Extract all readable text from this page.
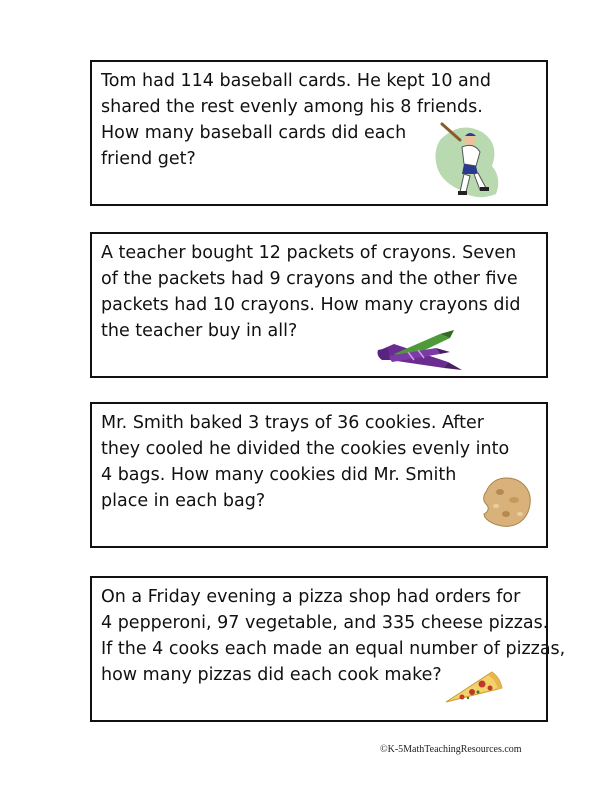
Tom had 114 baseball cards. He kept 10 and
shared the rest evenly among his 8 friends.
How many baseball cards did each
friend get?
A teacher bought 12 packets of crayons. Seven
of the packets had 9 crayons and the other five
packets had 10 crayons. How many crayons did
the teacher buy in all?
Mr. Smith baked 3 trays of 36 cookies. After
they cooled he divided the cookies evenly into
4 bags. How many cookies did Mr. Smith
place in each bag?
On a Friday evening a pizza shop had orders for
4 pepperoni, 97 vegetable, and 335 cheese pizzas.
If the 4 cooks each made an equal number of pizzas,
how many pizzas did each cook make?
©K-5MathTeachingResources.com
